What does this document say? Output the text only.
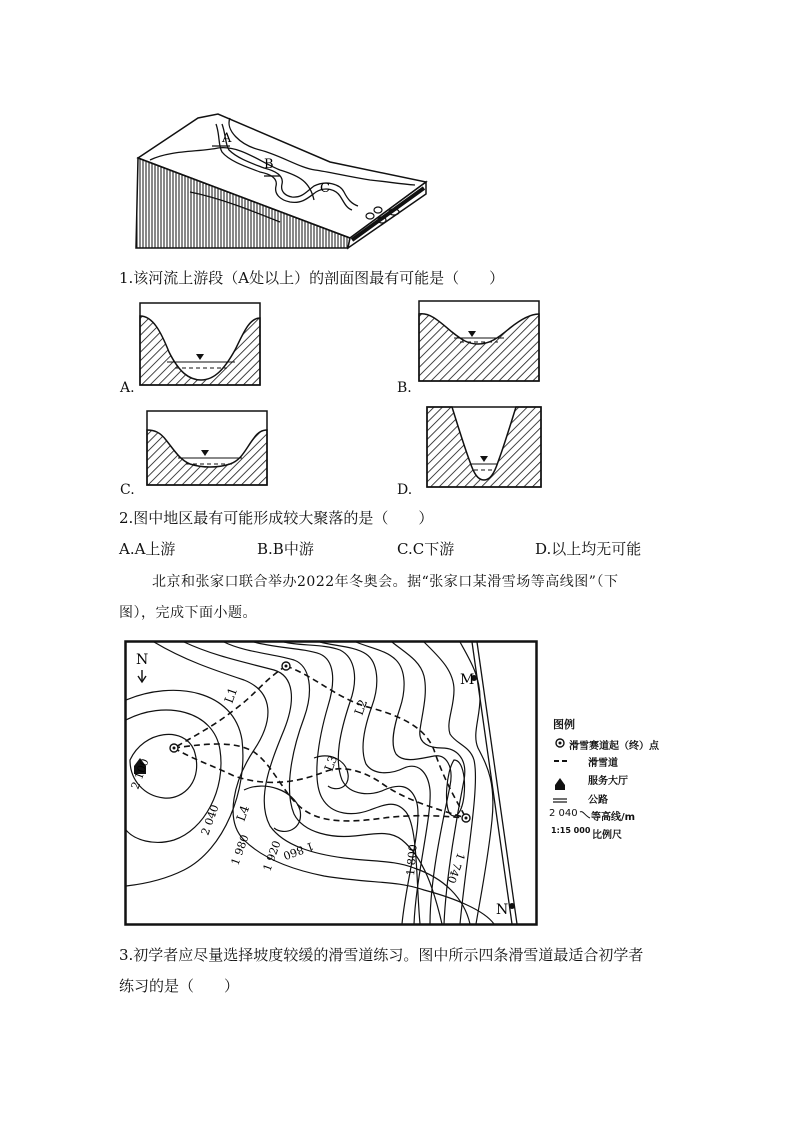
A
B
C
1.该河流上游段（A处以上）的剖面图最有可能是（　　）
A.	B.
C.	D.
2.图中地区最有可能形成较大聚落的是（　　）
A.A上游	B.B中游	C.C下游	D.以上均无可能
北京和张家口联合举办2022年冬奥会。据“张家口某滑雪场等高线图”（下
图），完成下面小题。
N
M
N
L1
L2
L3
L4
2 100
2 040
1 980 1 920
1 860	1 800 1 740
图例
滑雪赛道起（终）点
滑雪道
服务大厅
公路
2 040 等高线/m
1:15 000 比例尺
3.初学者应尽量选择坡度较缓的滑雪道练习。图中所示四条滑雪道最适合初学者
练习的是（　　）
